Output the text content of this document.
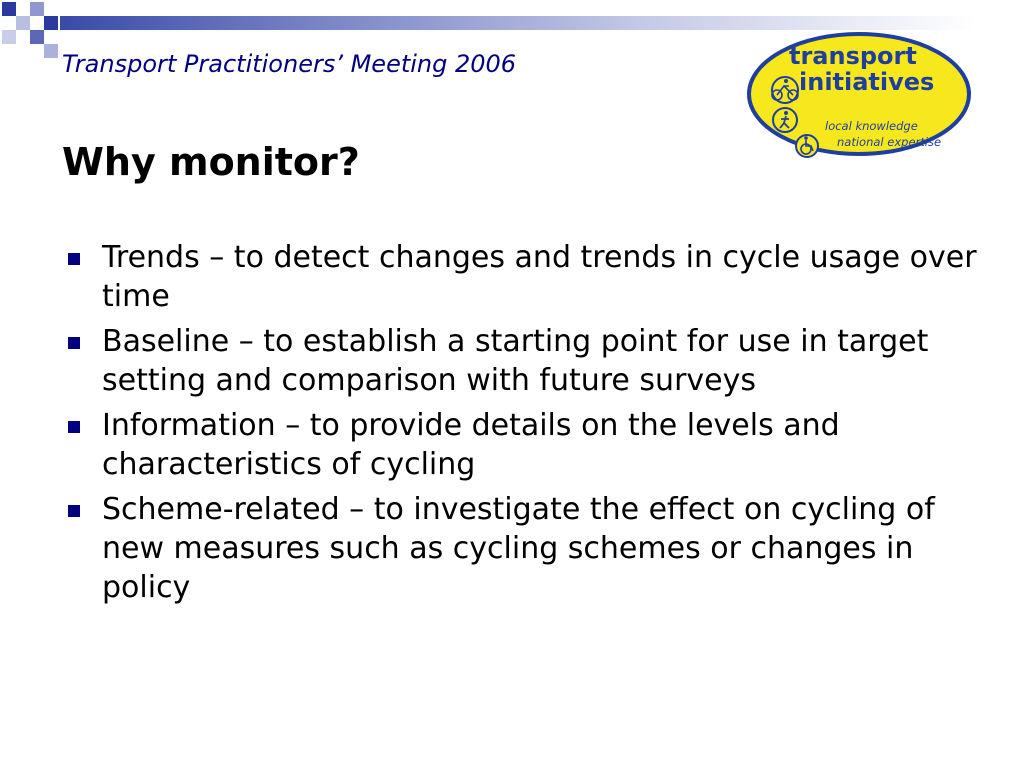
Transport Practitioners’ Meeting 2006
Why monitor?
transport
initiatives
local knowledge
national expertise
Trends – to detect changes and trends in cycle usage over time
Baseline – to establish a starting point for use in target setting and comparison with future surveys
Information – to provide details on the levels and characteristics of cycling
Scheme-related – to investigate the effect on cycling of new measures such as cycling schemes or changes in policy
